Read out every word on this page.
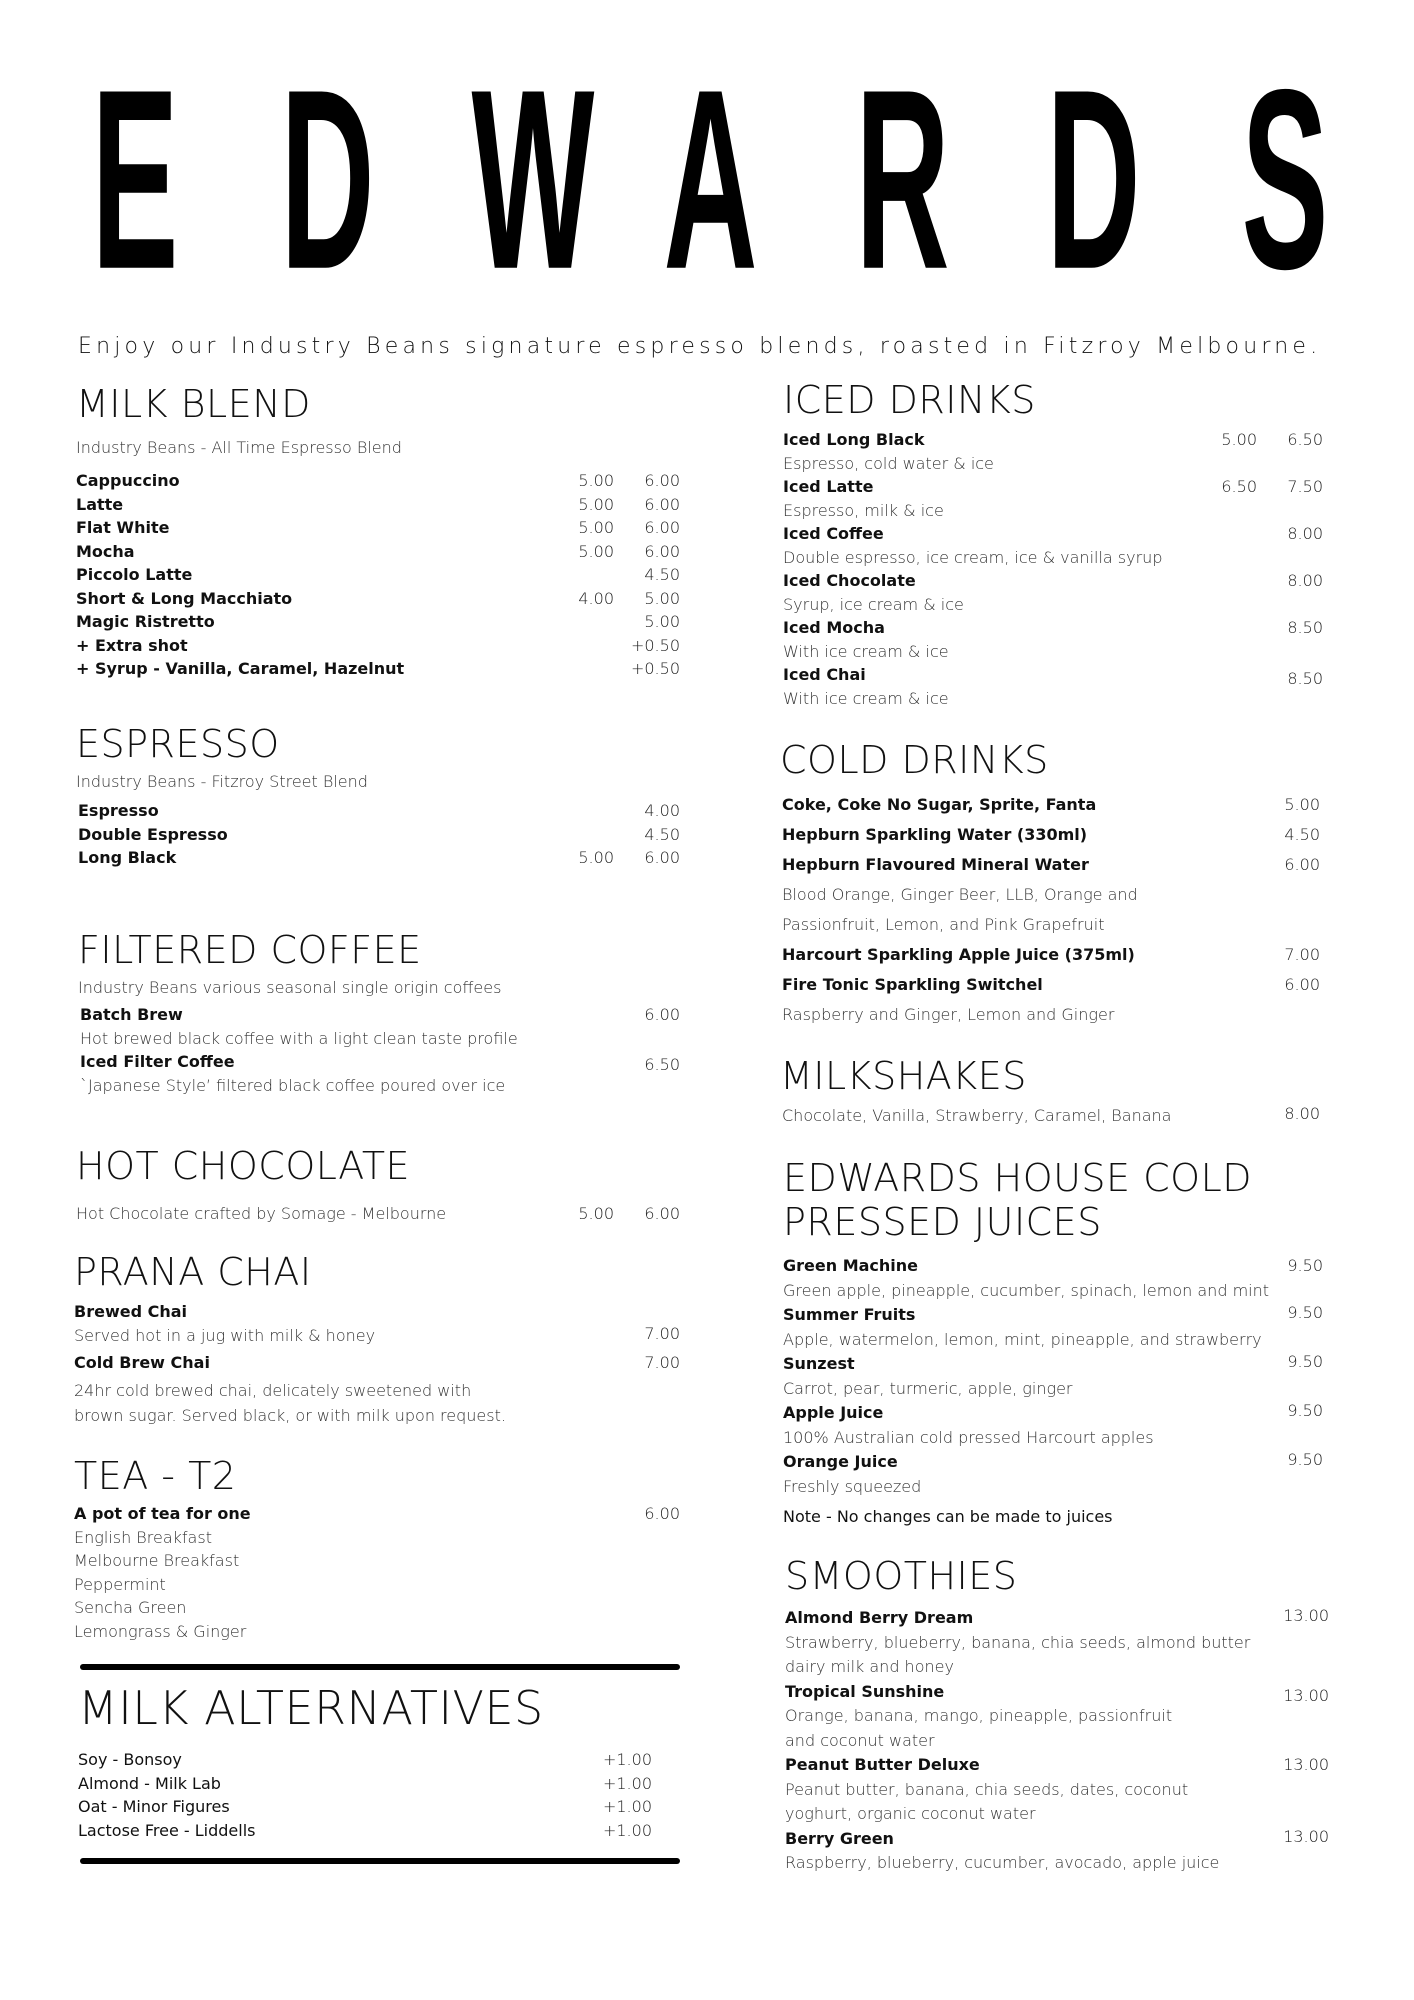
E D W A R D S
Enjoy our Industry Beans signature espresso blends, roasted in Fitzroy Melbourne.
MILK BLEND
Industry Beans - All Time Espresso Blend
Cappuccino	5.00 6.00
Latte	5.00 6.00
Flat White	5.00 6.00
Mocha	5.00 6.00
Piccolo Latte	4.50
Short & Long Macchiato	4.00 5.00
Magic Ristretto	5.00
+ Extra shot	+0.50
+ Syrup - Vanilla, Caramel, Hazelnut	+0.50
ESPRESSO
Industry Beans - Fitzroy Street Blend
Espresso	4.00
Double Espresso	4.50
Long Black	5.00 6.00
FILTERED COFFEE
Industry Beans various seasonal single origin coffees
Batch Brew	6.00
Hot brewed black coffee with a light clean taste profile
Iced Filter Coffee	6.50
`Japanese Style’ filtered black coffee poured over ice
HOT CHOCOLATE
Hot Chocolate crafted by Somage - Melbourne	5.00 6.00
PRANA CHAI
Brewed Chai
Served hot in a jug with milk & honey	7.00
Cold Brew Chai	7.00
24hr cold brewed chai, delicately sweetened with
brown sugar. Served black, or with milk upon request.
TEA - T2
A pot of tea for one	6.00
English Breakfast
Melbourne Breakfast
Peppermint
Sencha Green
Lemongrass & Ginger
MILK ALTERNATIVES
Soy - Bonsoy	+1.00
Almond - Milk Lab	+1.00
Oat - Minor Figures	+1.00
Lactose Free - Liddells	+1.00
ICED DRINKS
Iced Long Black	5.00 6.50
Espresso, cold water & ice
Iced Latte	6.50 7.50
Espresso, milk & ice
Iced Coffee	8.00
Double espresso, ice cream, ice & vanilla syrup
Iced Chocolate	8.00
Syrup, ice cream & ice
Iced Mocha	8.50
With ice cream & ice
Iced Chai	8.50
With ice cream & ice
COLD DRINKS
Coke, Coke No Sugar, Sprite, Fanta	5.00
Hepburn Sparkling Water (330ml)	4.50
Hepburn Flavoured Mineral Water	6.00
Blood Orange, Ginger Beer, LLB, Orange and
Passionfruit, Lemon, and Pink Grapefruit
Harcourt Sparkling Apple Juice (375ml)	7.00
Fire Tonic Sparkling Switchel	6.00
Raspberry and Ginger, Lemon and Ginger
MILKSHAKES
Chocolate, Vanilla, Strawberry, Caramel, Banana	8.00
EDWARDS HOUSE COLD
PRESSED JUICES
Green Machine	9.50
Green apple, pineapple, cucumber, spinach, lemon and mint
Summer Fruits	9.50
Apple, watermelon, lemon, mint, pineapple, and strawberry
Sunzest	9.50
Carrot, pear, turmeric, apple, ginger
Apple Juice	9.50
100% Australian cold pressed Harcourt apples
Orange Juice	9.50
Freshly squeezed
Note - No changes can be made to juices
SMOOTHIES
Almond Berry Dream	13.00
Strawberry, blueberry, banana, chia seeds, almond butter
dairy milk and honey
Tropical Sunshine	13.00
Orange, banana, mango, pineapple, passionfruit
and coconut water
Peanut Butter Deluxe	13.00
Peanut butter, banana, chia seeds, dates, coconut
yoghurt, organic coconut water
Berry Green	13.00
Raspberry, blueberry, cucumber, avocado, apple juice
